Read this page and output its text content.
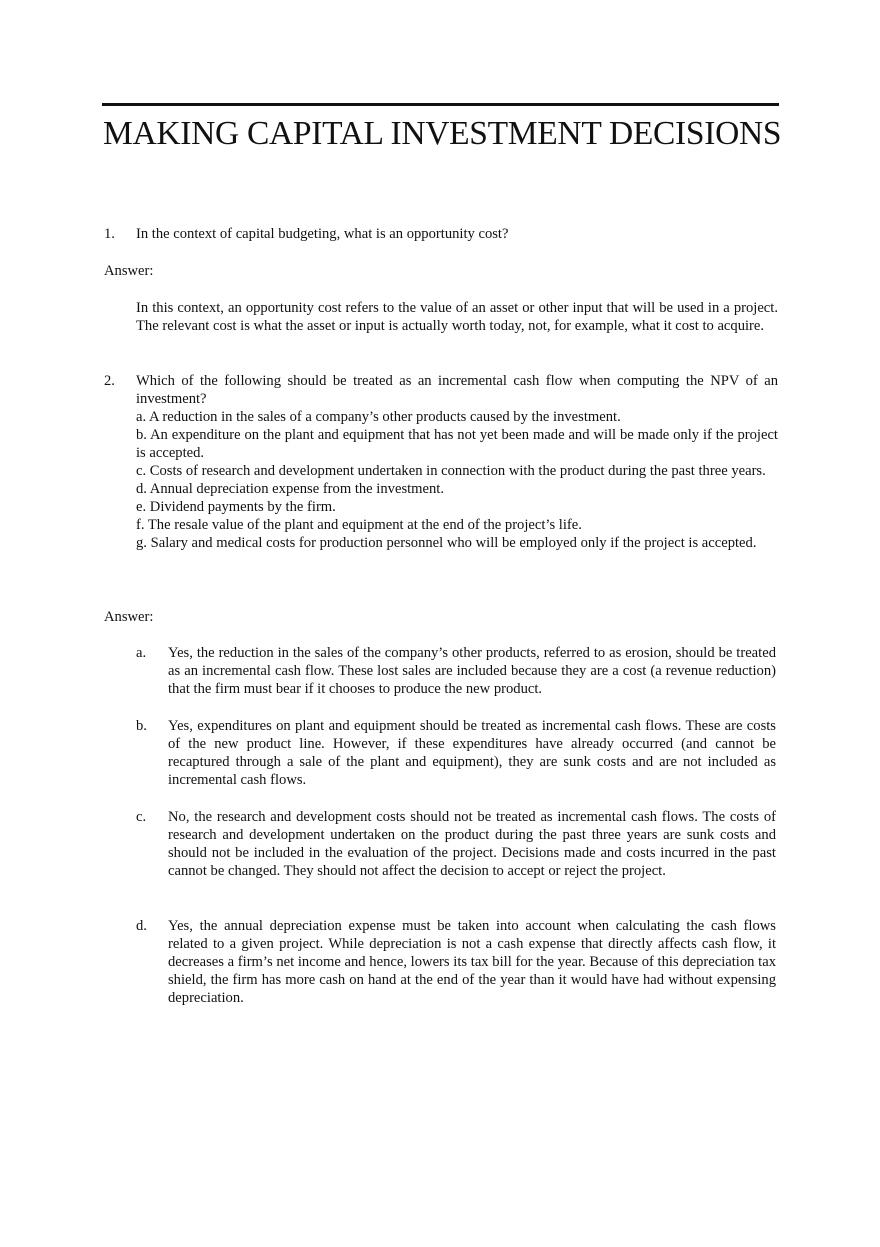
MAKING CAPITAL INVESTMENT DECISIONS
1. In the context of capital budgeting, what is an opportunity cost?

Answer:

In this context, an opportunity cost refers to the value of an asset or other input that will be used in a project. The relevant cost is what the asset or input is actually worth today, not, for example, what it cost to acquire.

2. Which of the following should be treated as an incremental cash flow when computing the NPV of an investment?

a. A reduction in the sales of a company’s other products caused by the investment.

b. An expenditure on the plant and equipment that has not yet been made and will be made only if the project is accepted.

c. Costs of research and development undertaken in connection with the product during the past three years.

d. Annual depreciation expense from the investment.

e. Dividend payments by the firm.

f. The resale value of the plant and equipment at the end of the project’s life.

g. Salary and medical costs for production personnel who will be employed only if the project is accepted.

Answer:
a. Yes, the reduction in the sales of the company’s other products, referred to as erosion, should be treated as an incremental cash flow. These lost sales are included because they are a cost (a revenue reduction) that the firm must bear if it chooses to produce the new product.

b. Yes, expenditures on plant and equipment should be treated as incremental cash flows. These are costs of the new product line. However, if these expenditures have already occurred (and cannot be recaptured through a sale of the plant and equipment), they are sunk costs and are not included as incremental cash flows.

c. No, the research and development costs should not be treated as incremental cash flows. The costs of research and development undertaken on the product during the past three years are sunk costs and should not be included in the evaluation of the project. Decisions made and costs incurred in the past cannot be changed. They should not affect the decision to accept or reject the project.

d. Yes, the annual depreciation expense must be taken into account when calculating the cash flows related to a given project. While depreciation is not a cash expense that directly affects cash flow, it decreases a firm’s net income and hence, lowers its tax bill for the year. Because of this depreciation tax shield, the firm has more cash on hand at the end of the year than it would have had without expensing depreciation.
